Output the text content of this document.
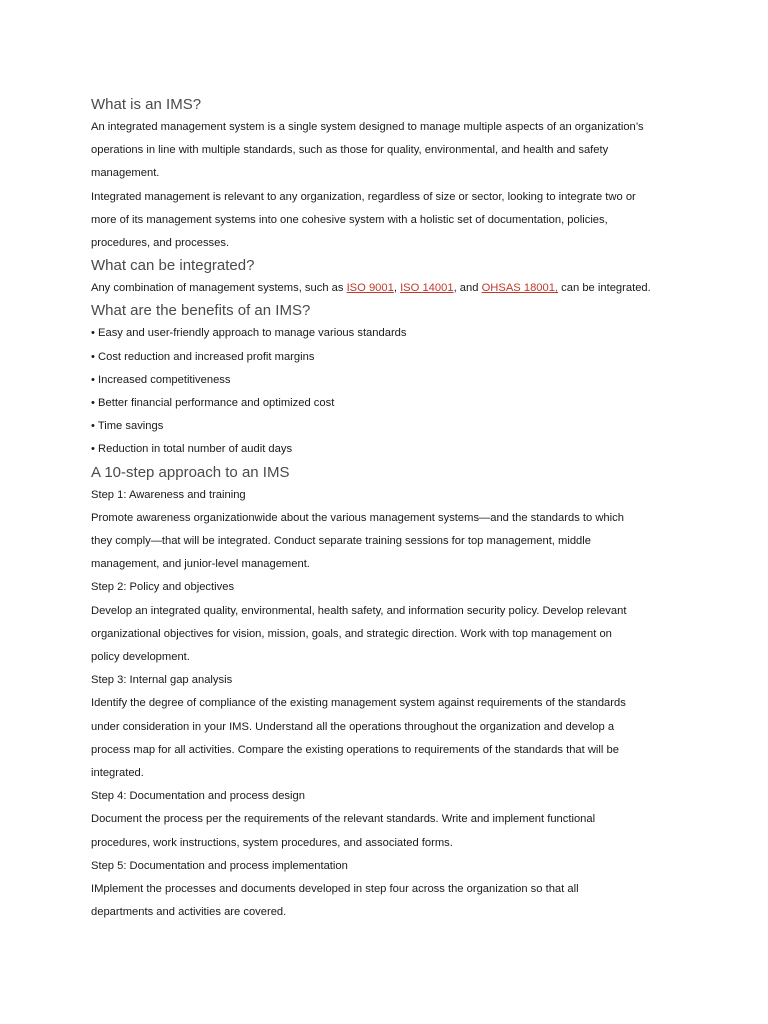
What is an IMS?

An integrated management system is a single system designed to manage multiple aspects of an organization’s

operations in line with multiple standards, such as those for quality, environmental, and health and safety

management.

Integrated management is relevant to any organization, regardless of size or sector, looking to integrate two or

more of its management systems into one cohesive system with a holistic set of documentation, policies,

procedures, and processes.

What can be integrated?

Any combination of management systems, such as ISO 9001, ISO 14001, and OHSAS 18001, can be integrated.

What are the benefits of an IMS?

• Easy and user-friendly approach to manage various standards

• Cost reduction and increased profit margins

• Increased competitiveness

• Better financial performance and optimized cost

• Time savings

• Reduction in total number of audit days

A 10-step approach to an IMS

Step 1: Awareness and training

Promote awareness organizationwide about the various management systems—and the standards to which

they comply—that will be integrated. Conduct separate training sessions for top management, middle

management, and junior-level management.

Step 2: Policy and objectives

Develop an integrated quality, environmental, health safety, and information security policy. Develop relevant

organizational objectives for vision, mission, goals, and strategic direction. Work with top management on

policy development.

Step 3: Internal gap analysis

Identify the degree of compliance of the existing management system against requirements of the standards

under consideration in your IMS. Understand all the operations throughout the organization and develop a

process map for all activities. Compare the existing operations to requirements of the standards that will be

integrated.

Step 4: Documentation and process design

Document the process per the requirements of the relevant standards. Write and implement functional

procedures, work instructions, system procedures, and associated forms.

Step 5: Documentation and process implementation

IMplement the processes and documents developed in step four across the organization so that all

departments and activities are covered.
